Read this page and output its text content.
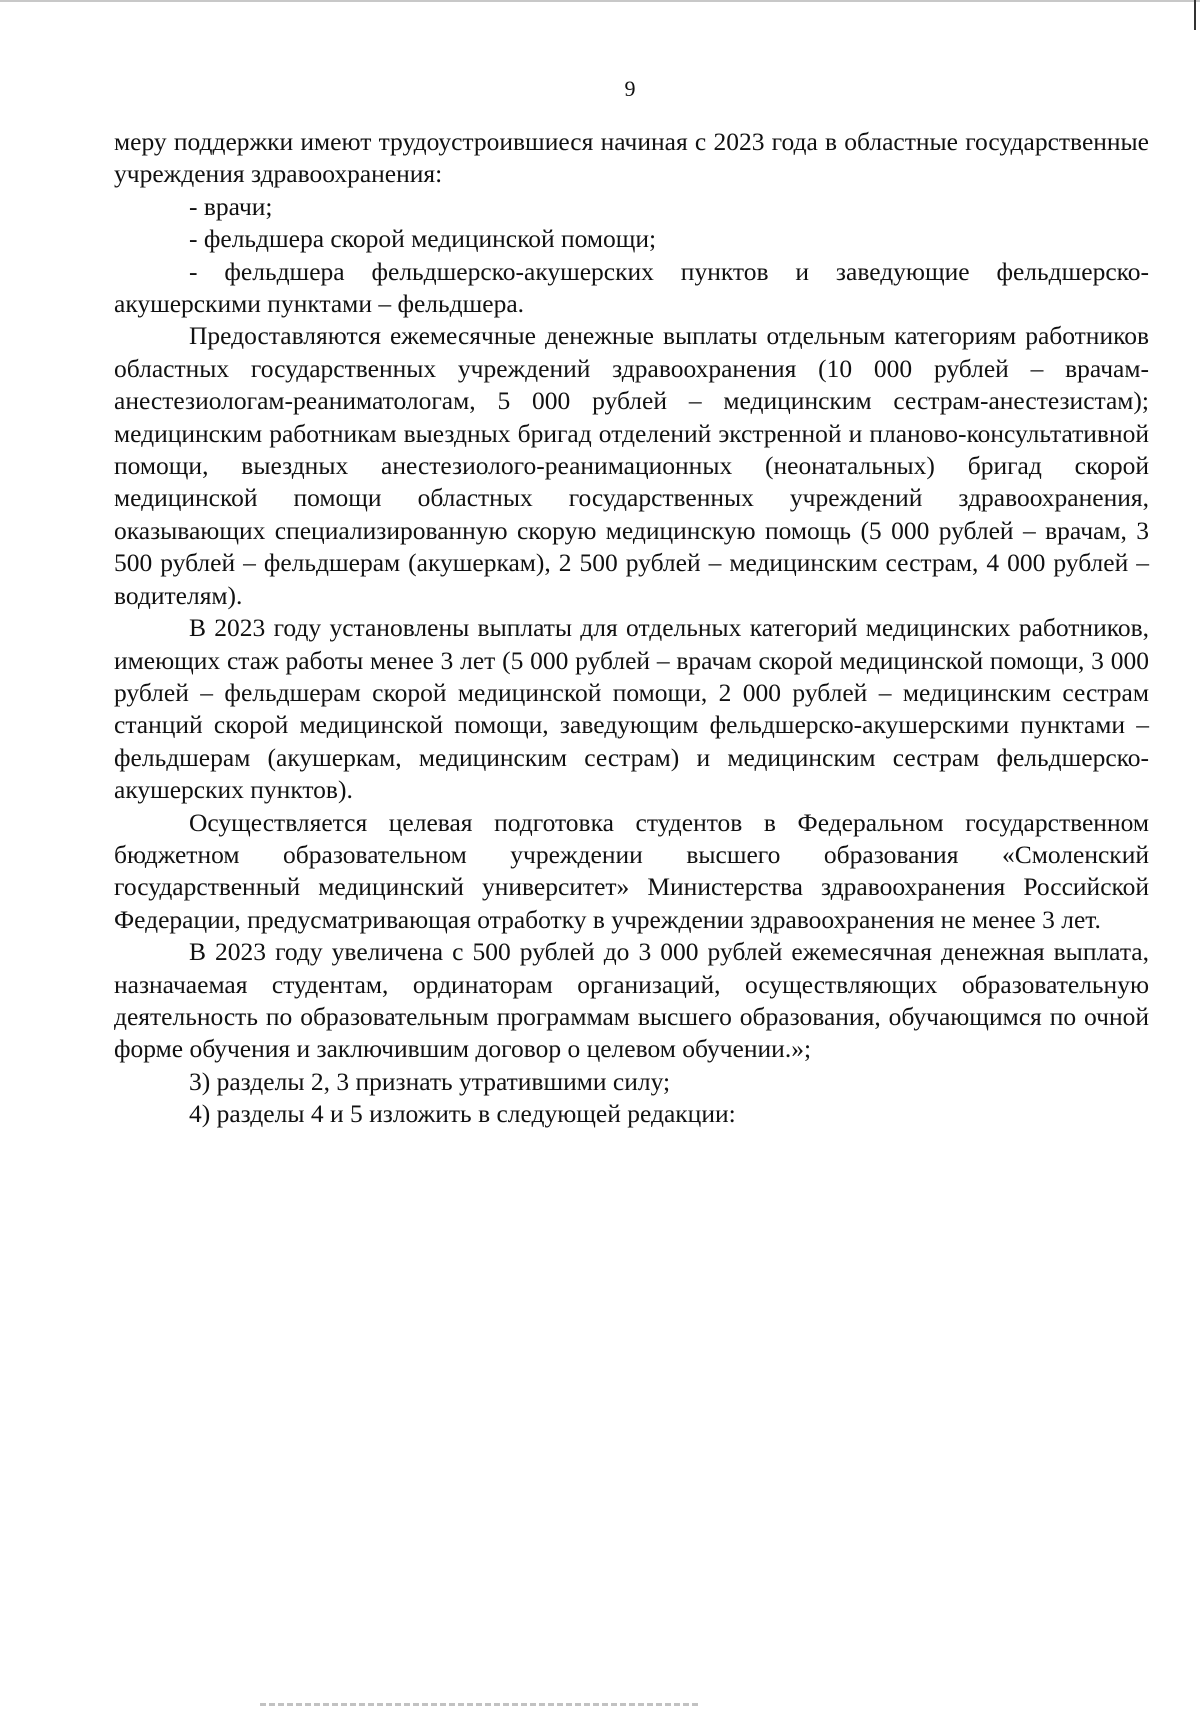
9

меру поддержки имеют трудоустроившиеся начиная с 2023 года в областные государственные учреждения здравоохранения:

- врачи;

- фельдшера скорой медицинской помощи;

- фельдшера фельдшерско-акушерских пунктов и заведующие фельдшерско-акушерскими пунктами – фельдшера.

Предоставляются ежемесячные денежные выплаты отдельным категориям работников областных государственных учреждений здравоохранения (10 000 рублей – врачам-анестезиологам-реаниматологам, 5 000 рублей – медицинским сестрам-анестезистам); медицинским работникам выездных бригад отделений экстренной и планово-консультативной помощи, выездных анестезиолого-реанимационных (неонатальных) бригад скорой медицинской помощи областных государственных учреждений здравоохранения, оказывающих специализированную скорую медицинскую помощь (5 000 рублей – врачам, 3 500 рублей – фельдшерам (акушеркам), 2 500 рублей – медицинским сестрам, 4 000 рублей – водителям).

В 2023 году установлены выплаты для отдельных категорий медицинских работников, имеющих стаж работы менее 3 лет (5 000 рублей – врачам скорой медицинской помощи, 3 000 рублей – фельдшерам скорой медицинской помощи, 2 000 рублей – медицинским сестрам станций скорой медицинской помощи, заведующим фельдшерско-акушерскими пунктами – фельдшерам (акушеркам, медицинским сестрам) и медицинским сестрам фельдшерско-акушерских пунктов).

Осуществляется целевая подготовка студентов в Федеральном государственном бюджетном образовательном учреждении высшего образования «Смоленский государственный медицинский университет» Министерства здравоохранения Российской Федерации, предусматривающая отработку в учреждении здравоохранения не менее 3 лет.

В 2023 году увеличена с 500 рублей до 3 000 рублей ежемесячная денежная выплата, назначаемая студентам, ординаторам организаций, осуществляющих образовательную деятельность по образовательным программам высшего образования, обучающимся по очной форме обучения и заключившим договор о целевом обучении.»;

3) разделы 2, 3 признать утратившими силу;

4) разделы 4 и 5 изложить в следующей редакции:
